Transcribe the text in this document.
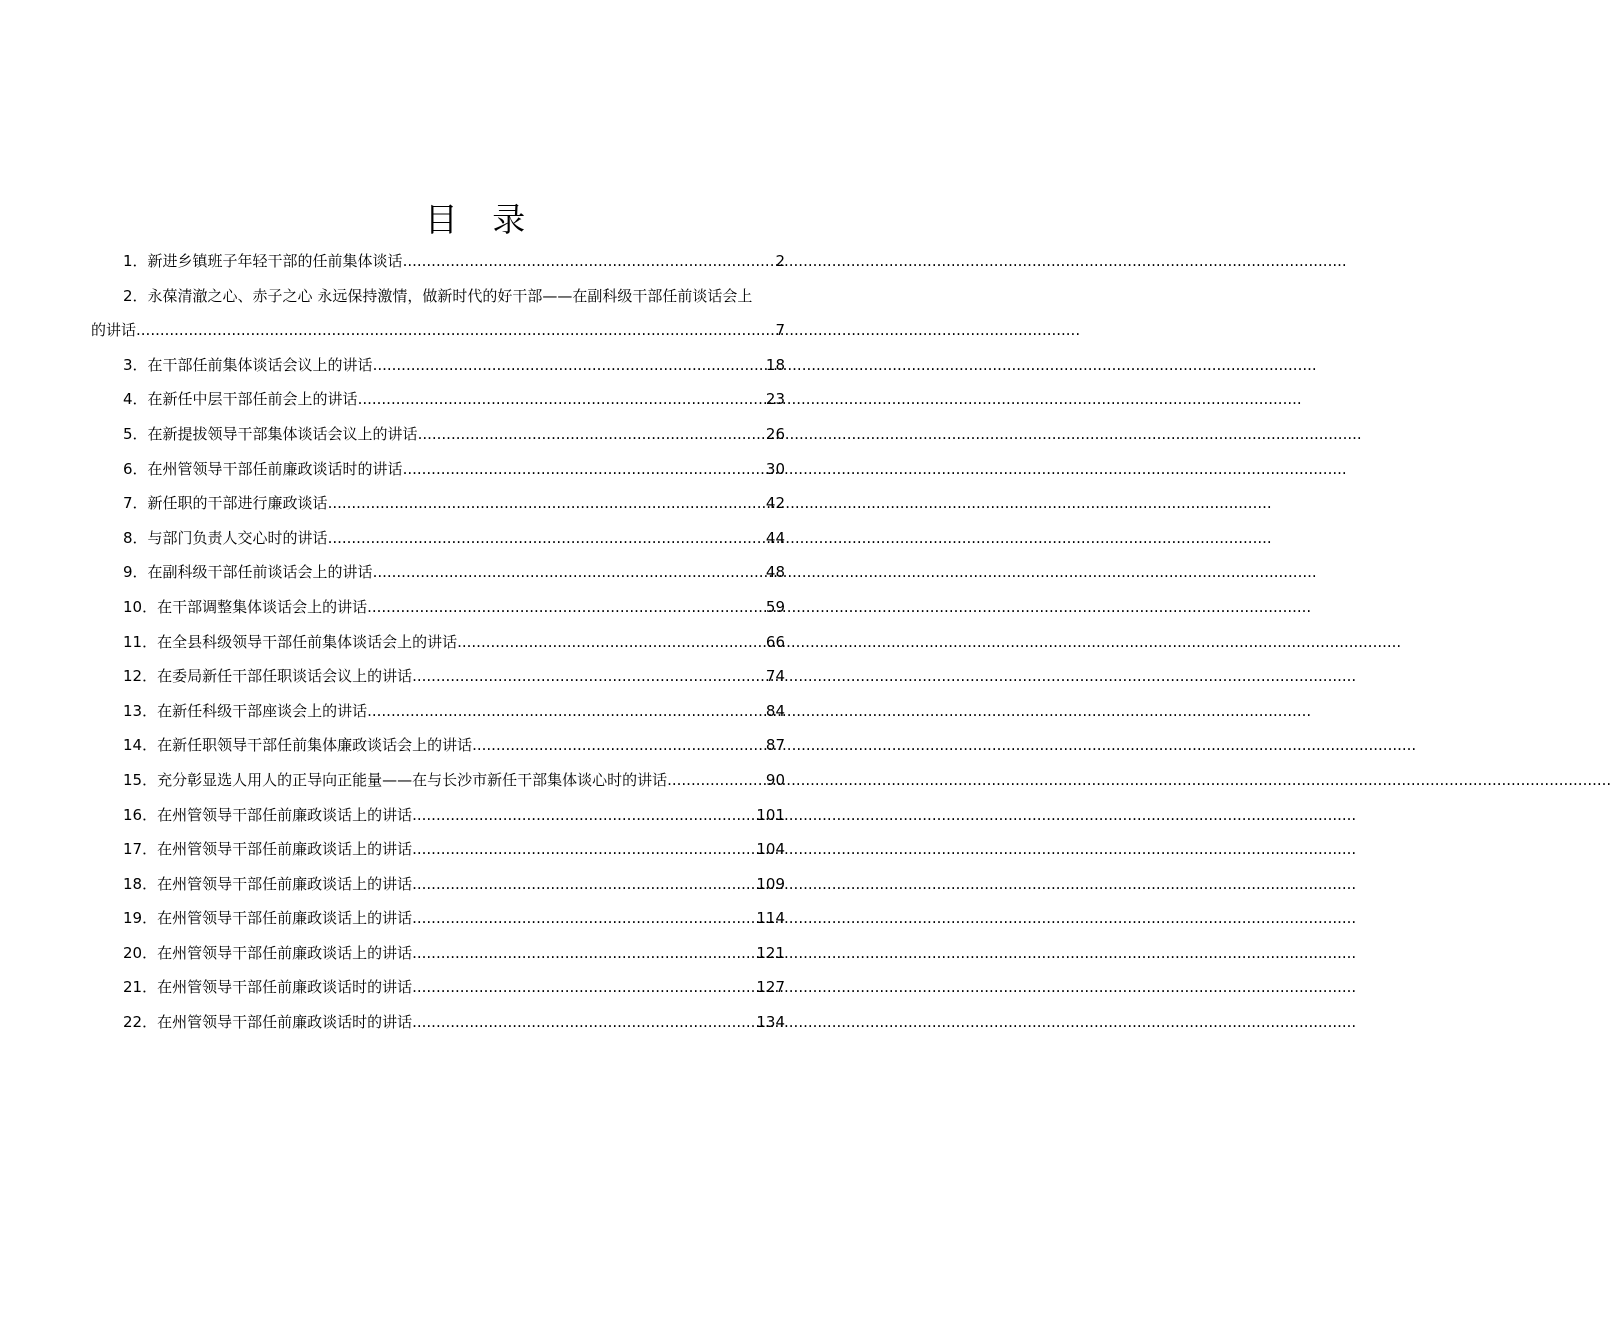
目 录
1． 新进乡镇班子年轻干部的任前集体谈话 .....	2
2．永葆清澈之心、赤子之心 永远保持激情，做新时代的好干部——在副科级干部任前谈话会上
的讲话 .....	7
3． 在干部任前集体谈话会议上的讲话 .....	18
4． 在新任中层干部任前会上的讲话 .....	23
5． 在新提拔领导干部集体谈话会议上的讲话 .....	26
6． 在州管领导干部任前廉政谈话时的讲话 .....	30
7． 新任职的干部进行廉政谈话 .....	42
8． 与部门负责人交心时的讲话 .....	44
9． 在副科级干部任前谈话会上的讲话 .....	48
10． 在干部调整集体谈话会上的讲话 .....	59
11． 在全县科级领导干部任前集体谈话会上的讲话 .....	66
12． 在委局新任干部任职谈话会议上的讲话 .....	74
13． 在新任科级干部座谈会上的讲话 .....	84
14． 在新任职领导干部任前集体廉政谈话会上的讲话 .....	87
15． 充分彰显选人用人的正导向正能量——在与长沙市新任干部集体谈心时的讲话 .....	90
16． 在州管领导干部任前廉政谈话上的讲话 .....	101
17． 在州管领导干部任前廉政谈话上的讲话 .....	104
18． 在州管领导干部任前廉政谈话上的讲话 .....	109
19． 在州管领导干部任前廉政谈话上的讲话 .....	114
20． 在州管领导干部任前廉政谈话上的讲话 .....	121
21． 在州管领导干部任前廉政谈话时的讲话 .....	127
22． 在州管领导干部任前廉政谈话时的讲话 .....	134
